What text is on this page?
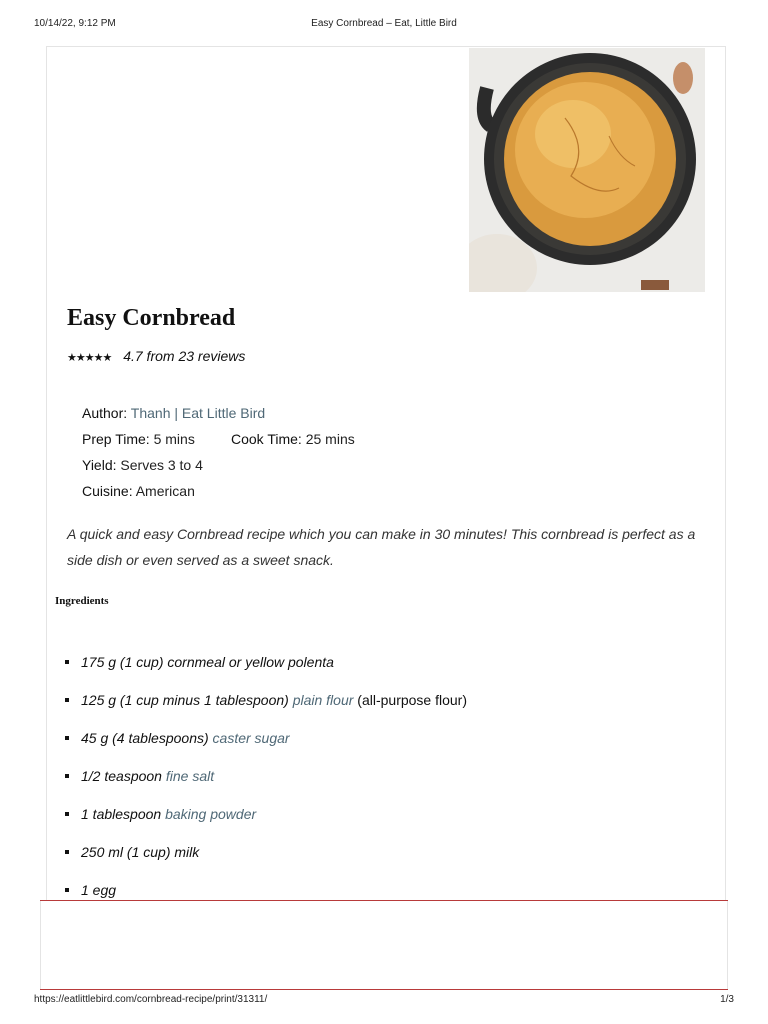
10/14/22, 9:12 PM	Easy Cornbread – Eat, Little Bird
Easy Cornbread
★★★★★ 4.7 from 23 reviews
Author: Thanh | Eat Little Bird
Prep Time: 5 mins	Cook Time: 25 mins
Yield: Serves 3 to 4
Cuisine: American

A quick and easy Cornbread recipe which you can make in 30 minutes! This cornbread is perfect as a side dish or even served as a sweet snack.

Ingredients
175 g (1 cup) cornmeal or yellow polenta
125 g (1 cup minus 1 tablespoon) plain flour (all-purpose flour)
45 g (4 tablespoons) caster sugar
1/2 teaspoon fine salt
1 tablespoon baking powder
250 ml (1 cup) milk
1 egg
https://eatlittlebird.com/cornbread-recipe/print/31311/	1/3
